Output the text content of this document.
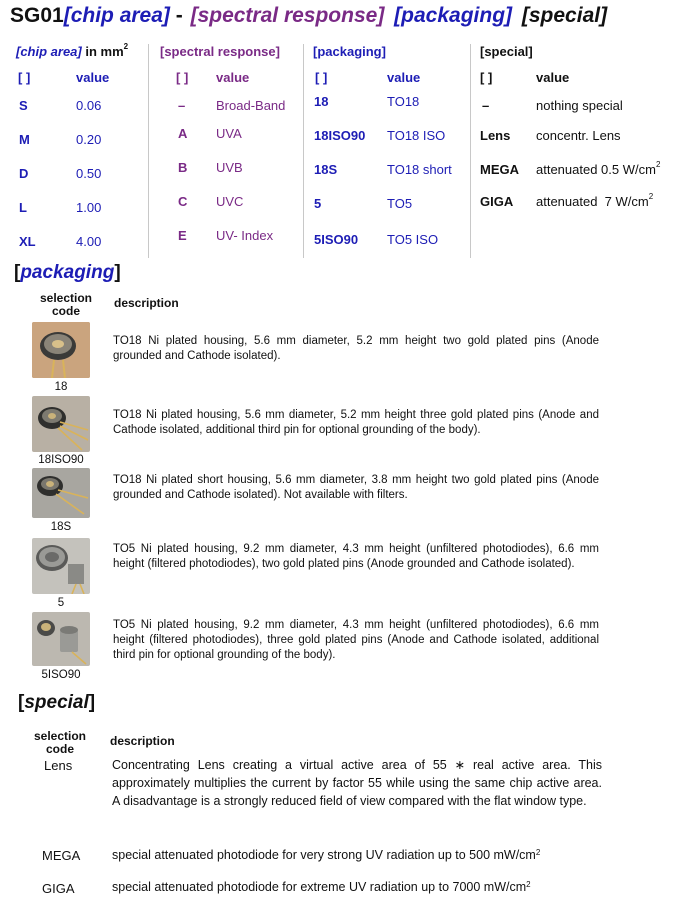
SG01[chip area] - [spectral response] [packaging] [special]
[chip area] in $mm^2$
[ ]	value
S	0.06
M	0.20
D	0.50
L	1.00
XL	4.00
[spectral response]
[ ] value
– Broad-Band
A UVA
B UVB
C UVC
E UV- Index
[packaging]
[ ]	value
18	TO18
18ISO90 TO18 ISO
18S	TO18 short
5	TO5
5ISO90 TO5 ISO
[special]
[ ]	value
–	nothing special
Lens concentr. Lens
MEGA attenuated 0.5 $W/cm^2$
GIGA attenuated  7 $W/cm^2$
[packaging]
selection code
description
18
TO18 Ni plated housing, 5.6 mm diameter, 5.2 mm height two gold plated pins (Anode grounded and Cathode isolated).
18ISO90
TO18 Ni plated housing, 5.6 mm diameter, 5.2 mm height three gold plated pins (Anode and Cathode isolated, additional third pin for optional grounding of the body).
18S
TO18 Ni plated short housing, 5.6 mm diameter, 3.8 mm height two gold plated pins (Anode grounded and Cathode isolated). Not available with filters.
5
TO5 Ni plated housing, 9.2 mm diameter, 4.3 mm height (unfiltered photodiodes), 6.6 mm height (filtered photodiodes), two gold plated pins (Anode grounded and Cathode isolated).
5ISO90
TO5 Ni plated housing, 9.2 mm diameter, 4.3 mm height (unfiltered photodiodes), 6.6 mm height (filtered photodiodes), three gold plated pins (Anode and Cathode isolated, additional third pin for optional grounding of the body).
[special]
selection code
description
Lens	Concentrating Lens creating a virtual active area of 55 ∗ real active area. This approximately multiplies the current by factor 55 while using the same chip active area. A disadvantage is a strongly reduced field of view compared with the flat window type.
MEGA	special attenuated photodiode for very strong UV radiation up to 500 $mW/cm^2$
GIGA	special attenuated photodiode for extreme UV radiation up to 7000 $mW/cm^2$
